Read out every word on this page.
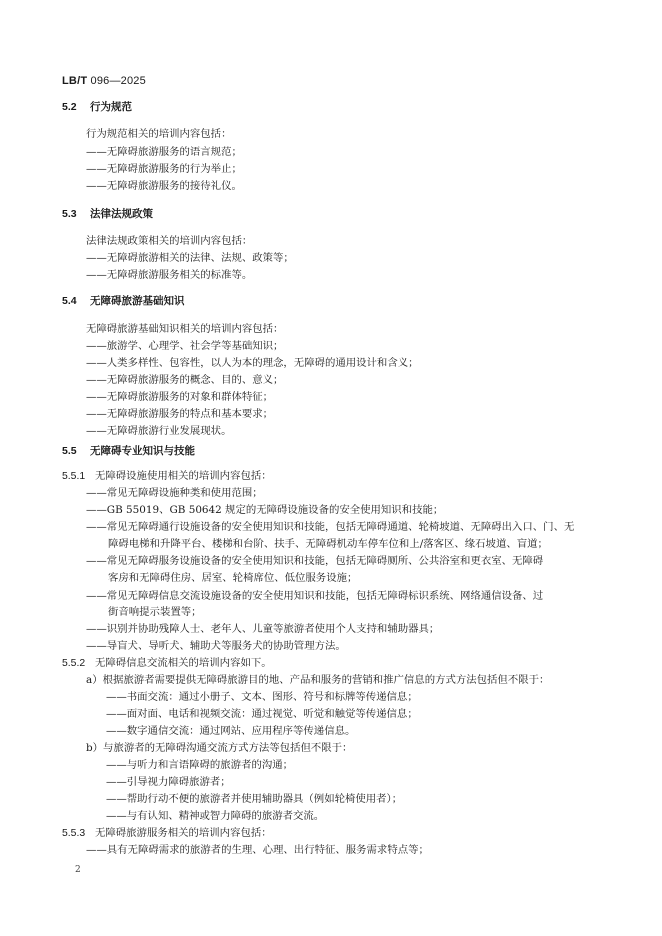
LB/T 096—2025
5.2 行为规范
行为规范相关的培训内容包括：
——无障碍旅游服务的语言规范；
——无障碍旅游服务的行为举止；
——无障碍旅游服务的接待礼仪。
5.3 法律法规政策
法律法规政策相关的培训内容包括：
——无障碍旅游相关的法律、法规、政策等；
——无障碍旅游服务相关的标准等。
5.4 无障碍旅游基础知识
无障碍旅游基础知识相关的培训内容包括：
——旅游学、心理学、社会学等基础知识；
——人类多样性、包容性，以人为本的理念，无障碍的通用设计和含义；
——无障碍旅游服务的概念、目的、意义；
——无障碍旅游服务的对象和群体特征；
——无障碍旅游服务的特点和基本要求；
——无障碍旅游行业发展现状。
5.5 无障碍专业知识与技能
5.5.1 无障碍设施使用相关的培训内容包括：
——常见无障碍设施种类和使用范围；
——GB 55019、GB 50642 规定的无障碍设施设备的安全使用知识和技能；
——常见无障碍通行设施设备的安全使用知识和技能，包括无障碍通道、轮椅坡道、无障碍出入口、门、无
障碍电梯和升降平台、楼梯和台阶、扶手、无障碍机动车停车位和上/落客区、缘石坡道、盲道；
——常见无障碍服务设施设备的安全使用知识和技能，包括无障碍厕所、公共浴室和更衣室、无障碍
客房和无障碍住房、居室、轮椅席位、低位服务设施；
——常见无障碍信息交流设施设备的安全使用知识和技能，包括无障碍标识系统、网络通信设备、过
街音响提示装置等；
——识别并协助残障人士、老年人、儿童等旅游者使用个人支持和辅助器具；
——导盲犬、导听犬、辅助犬等服务犬的协助管理方法。
5.5.2 无障碍信息交流相关的培训内容如下。
a）根据旅游者需要提供无障碍旅游目的地、产品和服务的营销和推广信息的方式方法包括但不限于：
——书面交流：通过小册子、文本、图形、符号和标牌等传递信息；
——面对面、电话和视频交流：通过视觉、听觉和触觉等传递信息；
——数字通信交流：通过网站、应用程序等传递信息。
b）与旅游者的无障碍沟通交流方式方法等包括但不限于：
——与听力和言语障碍的旅游者的沟通；
——引导视力障碍旅游者；
——帮助行动不便的旅游者并使用辅助器具（例如轮椅使用者）；
——与有认知、精神或智力障碍的旅游者交流。
5.5.3 无障碍旅游服务相关的培训内容包括：
——具有无障碍需求的旅游者的生理、心理、出行特征、服务需求特点等；
2
